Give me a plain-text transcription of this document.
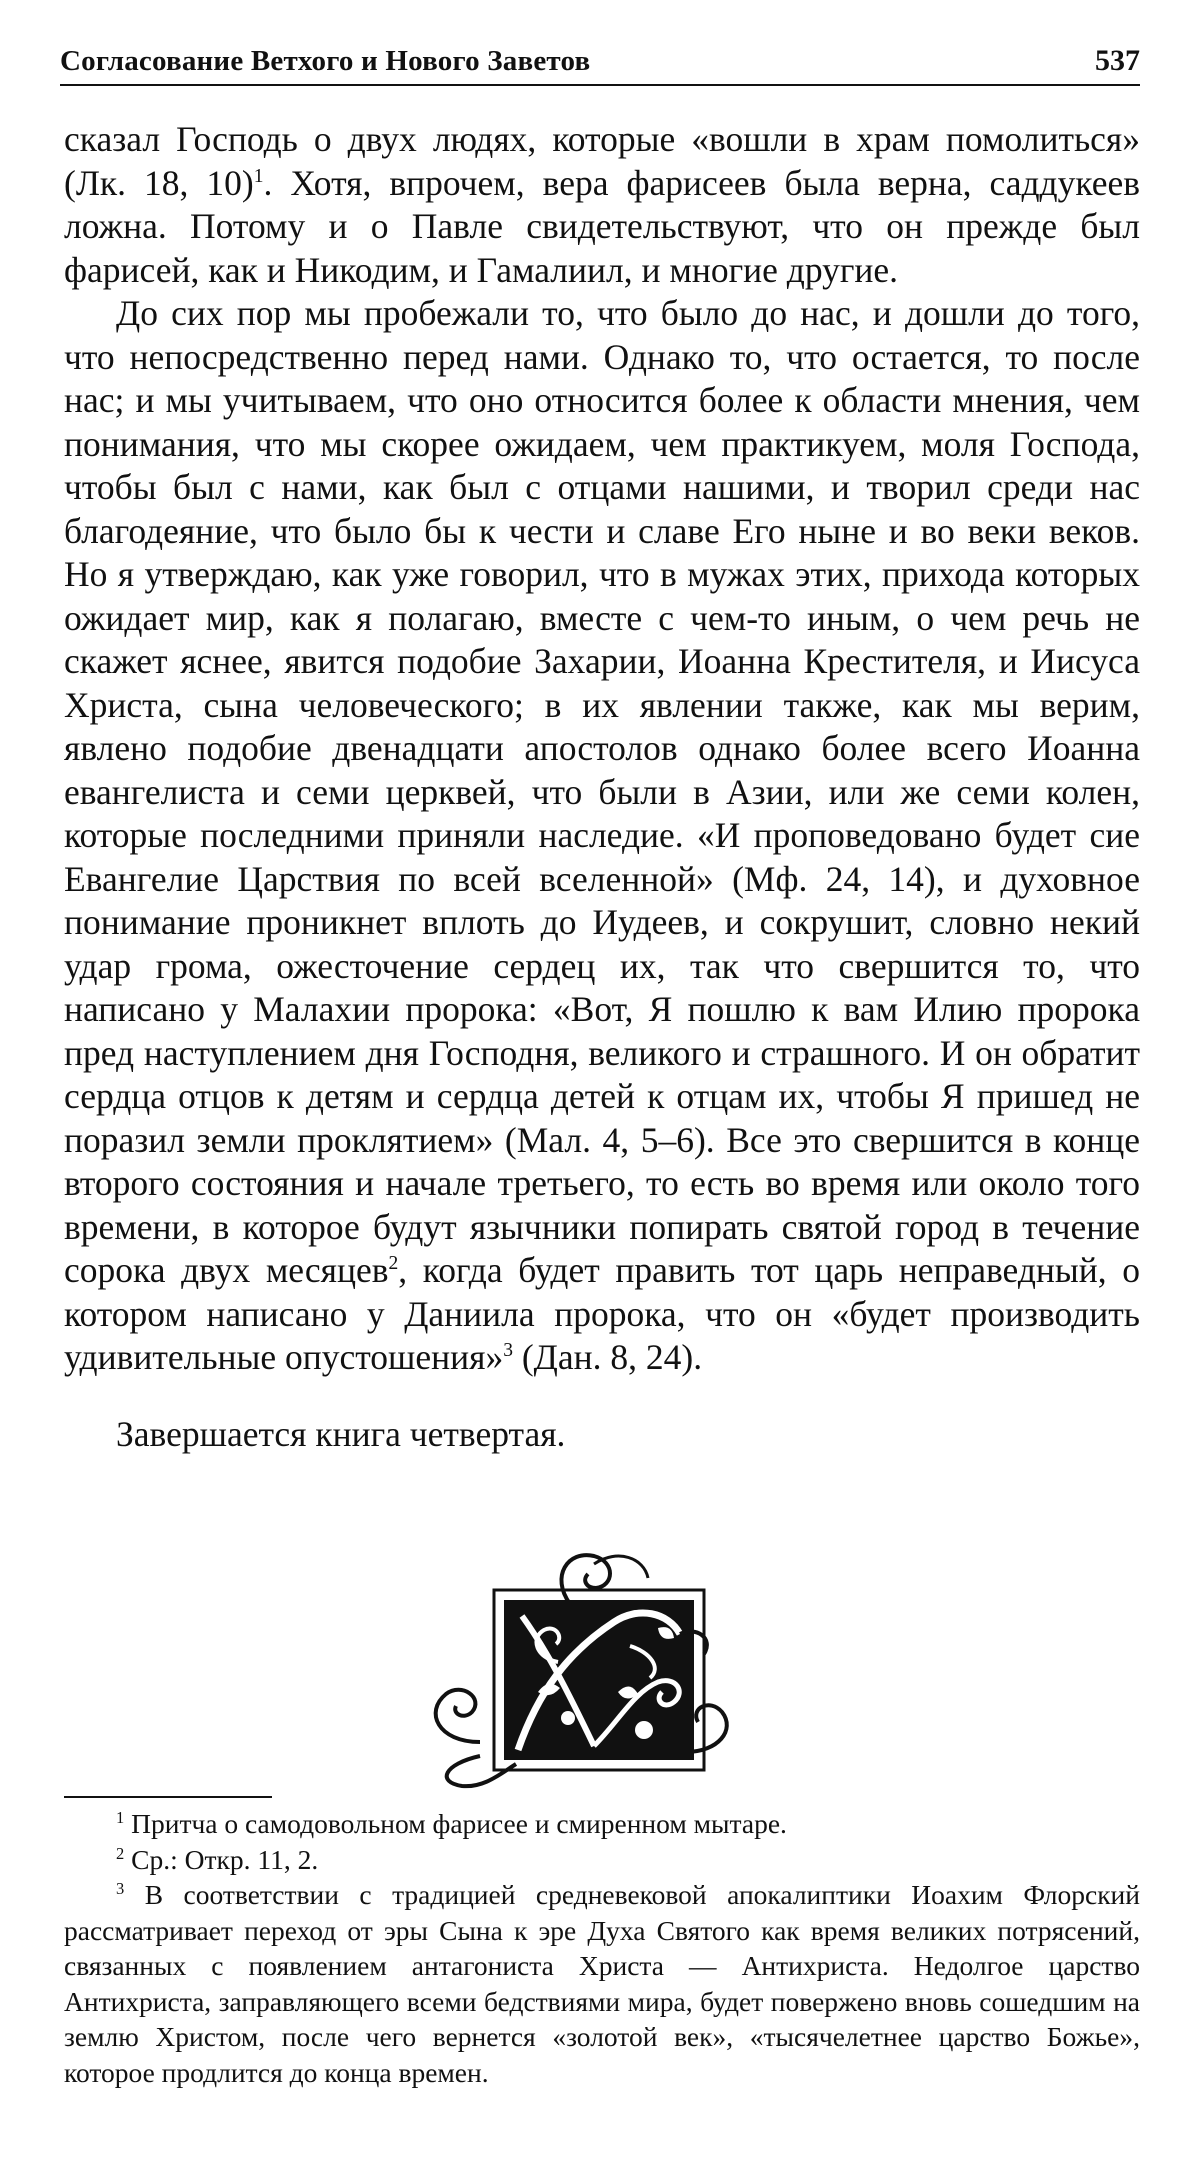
Согласование Ветхого и Нового Заветов	537

сказал Господь о двух людях, которые «вошли в храм помолиться» (Лк. 18, 10)$^1$. Хотя, впрочем, вера фарисеев была верна, саддукеев ложна. Потому и о Павле свидетельствуют, что он прежде был фарисей, как и Никодим, и Гамалиил, и многие другие.

До сих пор мы пробежали то, что было до нас, и дошли до того, что непосредственно перед нами. Однако то, что остается, то после нас; и мы учитываем, что оно относится более к области мнения, чем понимания, что мы скорее ожидаем, чем практикуем, моля Господа, чтобы был с нами, как был с отцами нашими, и творил среди нас благодеяние, что было бы к чести и славе Его ныне и во веки веков. Но я утверждаю, как уже говорил, что в мужах этих, прихода которых ожидает мир, как я полагаю, вместе с чем-то иным, о чем речь не скажет яснее, явится подобие Захарии, Иоанна Крестителя, и Иисуса Христа, сына человеческого; в их явлении также, как мы верим, явлено подобие двенадцати апостолов однако более всего Иоанна евангелиста и семи церквей, что были в Азии, или же семи колен, которые последними приняли наследие. «И проповедовано будет сие Евангелие Царствия по всей вселенной» (Мф. 24, 14), и духовное понимание проникнет вплоть до Иудеев, и сокрушит, словно некий удар грома, ожесточение сердец их, так что свершится то, что написано у Малахии пророка: «Вот, Я пошлю к вам Илию пророка пред наступлением дня Господня, великого и страшного. И он обратит сердца отцов к детям и сердца детей к отцам их, чтобы Я пришед не поразил земли проклятием» (Мал. 4, 5–6). Все это свершится в конце второго состояния и начале третьего, то есть во время или около того времени, в которое будут язычники попирать святой город в течение сорока двух месяцев$^2$, когда будет править тот царь неправедный, о котором написано у Даниила пророка, что он «будет производить удивительные опустошения»$^3$ (Дан. 8, 24).

Завершается книга четвертая.

$^1$ Притча о самодовольном фарисее и смиренном мытаре.

$^2$ Ср.: Откр. 11, 2.

$^3$ В соответствии с традицией средневековой апокалиптики Иоахим Флорский рассматривает переход от эры Сына к эре Духа Святого как время великих потрясений, связанных с появлением антагониста Христа — Антихриста. Недолгое царство Антихриста, заправляющего всеми бедствиями мира, будет повержено вновь сошедшим на землю Христом, после чего вернется «золотой век», «тысячелетнее царство Божье», которое продлится до конца времен.
